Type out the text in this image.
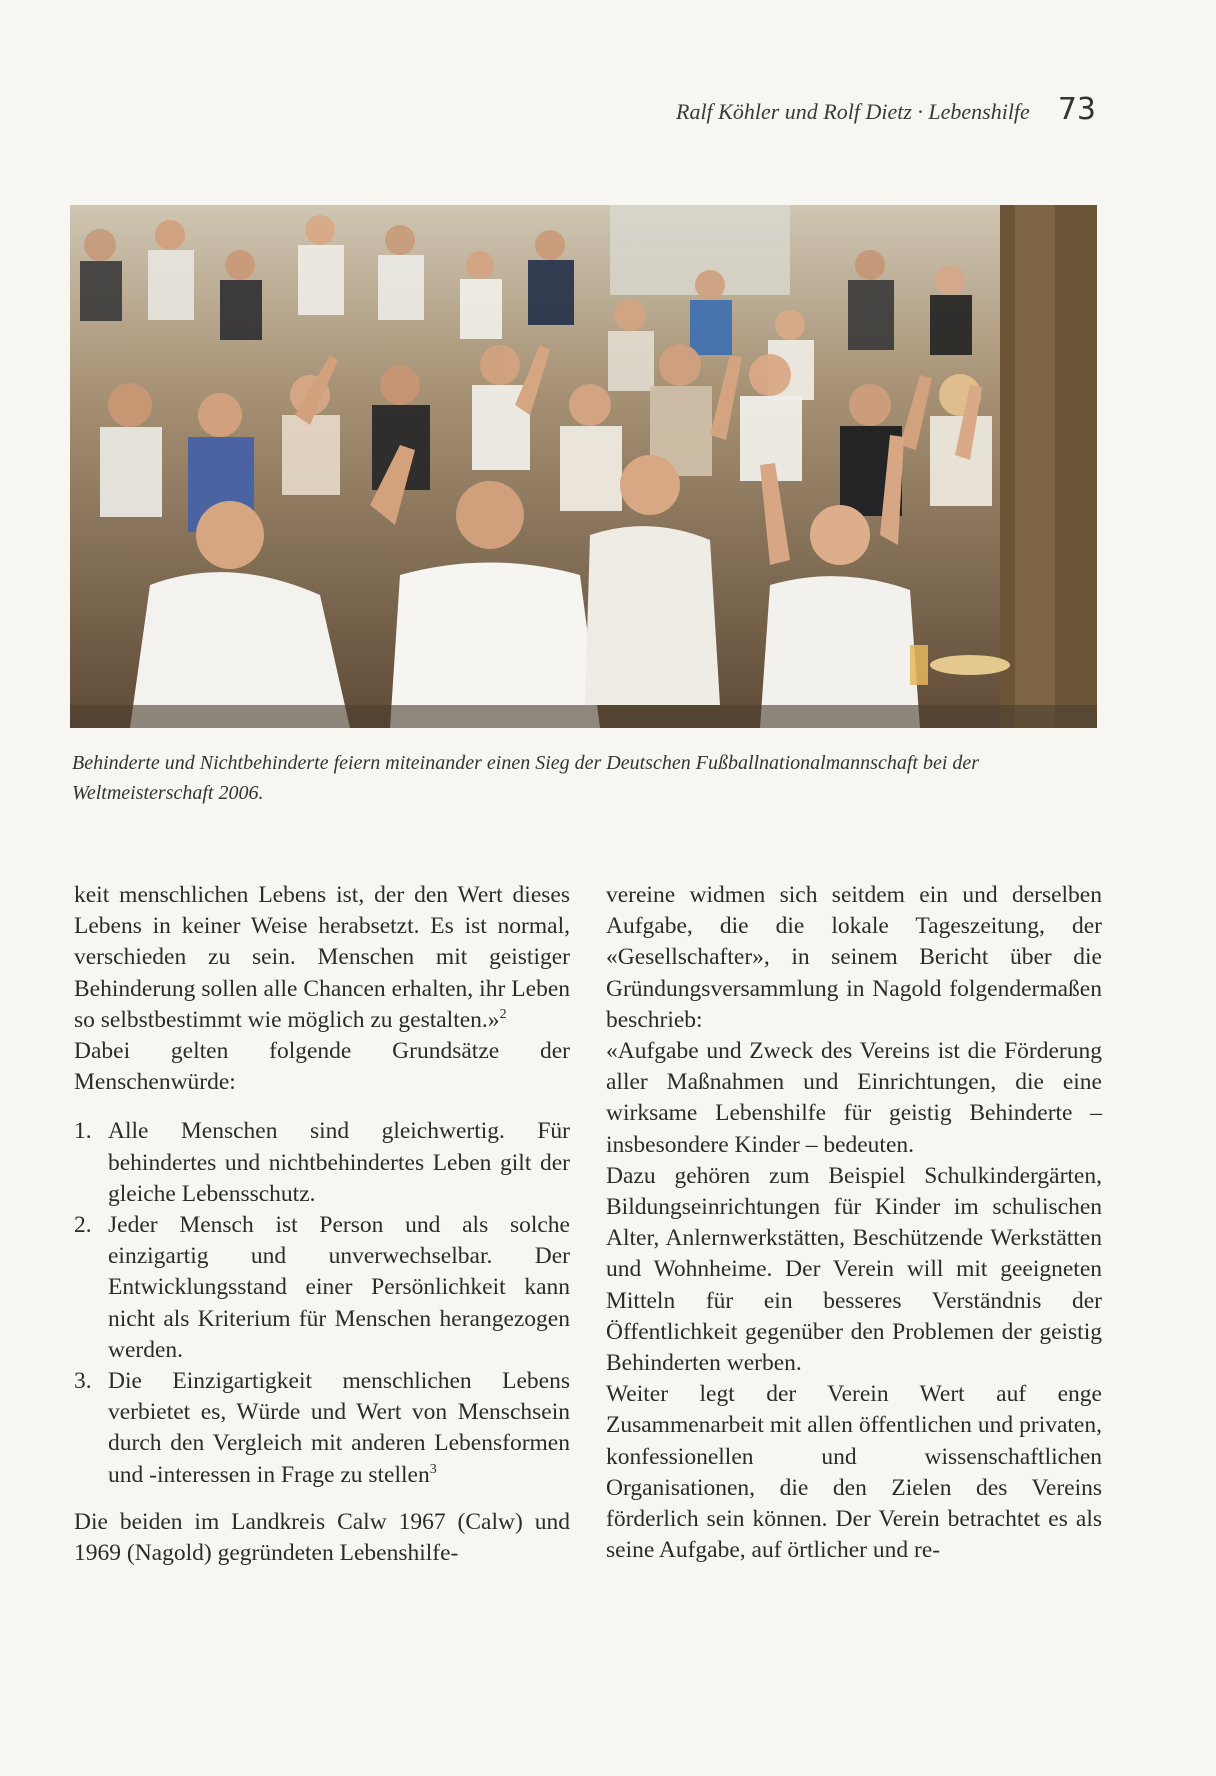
Ralf Köhler und Rolf Dietz · Lebenshilfe 73
Behinderte und Nichtbehinderte feiern miteinander einen Sieg der Deutschen Fußballnationalmannschaft bei der Weltmeisterschaft 2006.

keit menschlichen Lebens ist, der den Wert dieses Lebens in keiner Weise herabsetzt. Es ist normal, verschieden zu sein. Menschen mit geistiger Behinderung sollen alle Chancen erhalten, ihr Leben so selbstbestimmt wie möglich zu gestalten.»$^2$

Dabei gelten folgende Grundsätze der Menschenwürde:

1. Alle Menschen sind gleichwertig. Für behindertes und nichtbehindertes Leben gilt der gleiche Lebensschutz.
2. Jeder Mensch ist Person und als solche einzigartig und unverwechselbar. Der Entwicklungsstand einer Persönlichkeit kann nicht als Kriterium für Menschen herangezogen werden.
3. Die Einzigartigkeit menschlichen Lebens verbietet es, Würde und Wert von Menschsein durch den Vergleich mit anderen Lebensformen und -interessen in Frage zu stellen$^3$

Die beiden im Landkreis Calw 1967 (Calw) und 1969 (Nagold) gegründeten Lebenshilfe-

vereine widmen sich seitdem ein und derselben Aufgabe, die die lokale Tageszeitung, der «Gesellschafter», in seinem Bericht über die Gründungsversammlung in Nagold folgendermaßen beschrieb:

«Aufgabe und Zweck des Vereins ist die Förderung aller Maßnahmen und Einrichtungen, die eine wirksame Lebenshilfe für geistig Behinderte – insbesondere Kinder – bedeuten.

Dazu gehören zum Beispiel Schulkindergärten, Bildungseinrichtungen für Kinder im schulischen Alter, Anlernwerkstätten, Beschützende Werkstätten und Wohnheime. Der Verein will mit geeigneten Mitteln für ein besseres Verständnis der Öffentlichkeit gegenüber den Problemen der geistig Behinderten werben.

Weiter legt der Verein Wert auf enge Zusammenarbeit mit allen öffentlichen und privaten, konfessionellen und wissenschaftlichen Organisationen, die den Zielen des Vereins förderlich sein können. Der Verein betrachtet es als seine Aufgabe, auf örtlicher und re-
